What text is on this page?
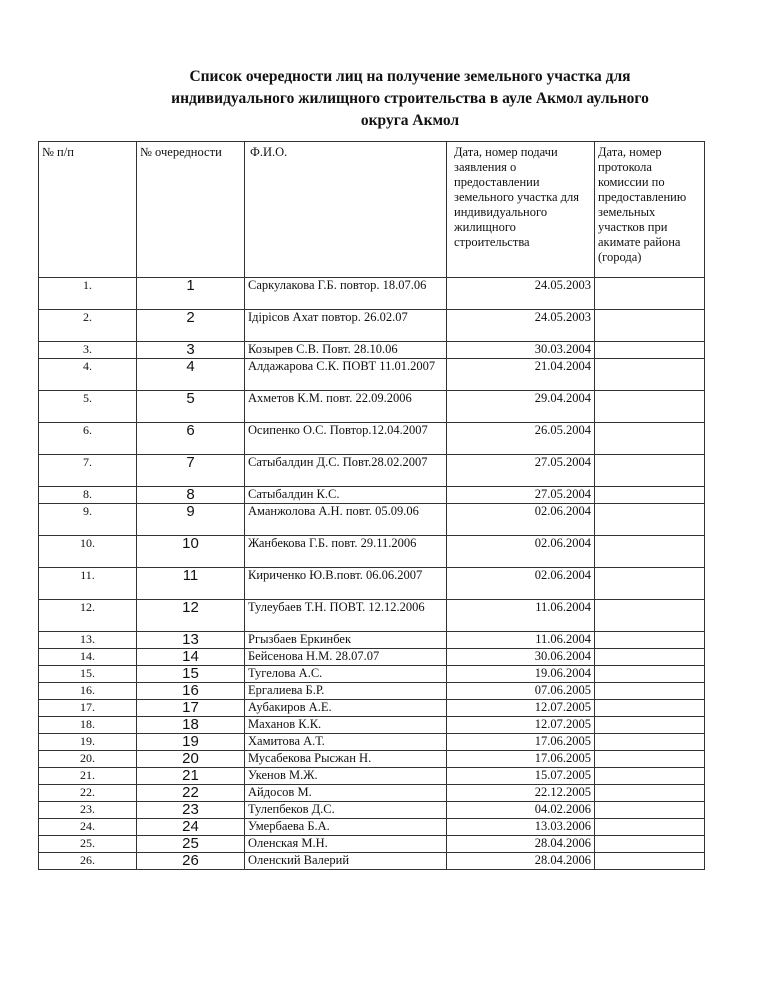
Список очередности лиц на получение земельного участка для
индивидуального жилищного строительства в ауле Акмол аульного
округа Акмол
№ п/п	№ очередности	Ф.И.О.	Дата, номер подачи заявления о предоставлении земельного участка для индивидуального жилищного строительства	Дата, номер протокола комиссии по предоставлению земельных участков при акимате района (города)
1.	1	Саркулакова Г.Б. повтор. 18.07.06	24.05.2003	
2.	2	Ідірісов Ахат повтор. 26.02.07	24.05.2003	
3.	3	Козырев С.В. Повт. 28.10.06	30.03.2004	
4.	4	Алдажарова С.К. ПОВТ 11.01.2007	21.04.2004	
5.	5	Ахметов К.М. повт. 22.09.2006	29.04.2004	
6.	6	Осипенко О.С. Повтор.12.04.2007	26.05.2004	
7.	7	Сатыбалдин Д.С. Повт.28.02.2007	27.05.2004	
8.	8	Сатыбалдин К.С.	27.05.2004	
9.	9	Аманжолова А.Н. повт. 05.09.06	02.06.2004	
10.	10	Жанбекова Г.Б. повт. 29.11.2006	02.06.2004	
11.	11	Кириченко Ю.В.повт. 06.06.2007	02.06.2004	
12.	12	Тулеубаев Т.Н. ПОВТ. 12.12.2006	11.06.2004	
13.	13	Ргызбаев Еркинбек	11.06.2004	
14.	14	Бейсенова Н.М. 28.07.07	30.06.2004	
15.	15	Тугелова А.С.	19.06.2004	
16.	16	Ергалиева Б.Р.	07.06.2005	
17.	17	Аубакиров А.Е.	12.07.2005	
18.	18	Маханов К.К.	12.07.2005	
19.	19	Хамитова А.Т.	17.06.2005	
20.	20	Мусабекова Рысжан Н.	17.06.2005	
21.	21	Укенов М.Ж.	15.07.2005	
22.	22	Айдосов М.	22.12.2005	
23.	23	Тулепбеков Д.С.	04.02.2006	
24.	24	Умербаева Б.А.	13.03.2006	
25.	25	Оленская М.Н.	28.04.2006	
26.	26	Оленский Валерий	28.04.2006	
